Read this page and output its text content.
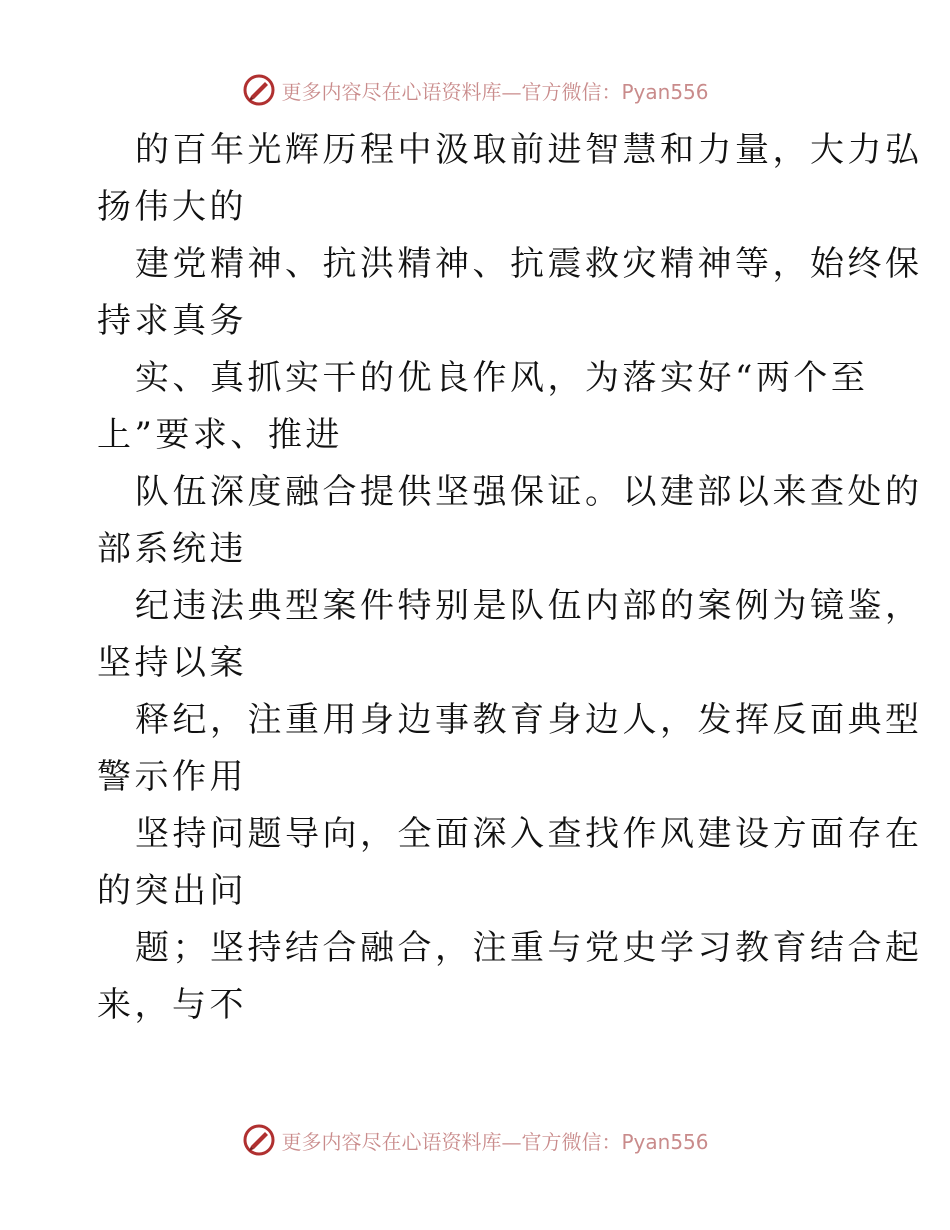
更多内容尽在心语资料库—官方微信：Pyan556
的百年光辉历程中汲取前进智慧和力量，大力弘
扬伟大的
建党精神、抗洪精神、抗震救灾精神等，始终保
持求真务
实、真抓实干的优良作风，为落实好“两个至
上”要求、推进
队伍深度融合提供坚强保证。以建部以来查处的
部系统违
纪违法典型案件特别是队伍内部的案例为镜鉴，
坚持以案
释纪，注重用身边事教育身边人，发挥反面典型
警示作用
坚持问题导向，全面深入查找作风建设方面存在
的突出问
题；坚持结合融合，注重与党史学习教育结合起
来，与不
更多内容尽在心语资料库—官方微信：Pyan556
